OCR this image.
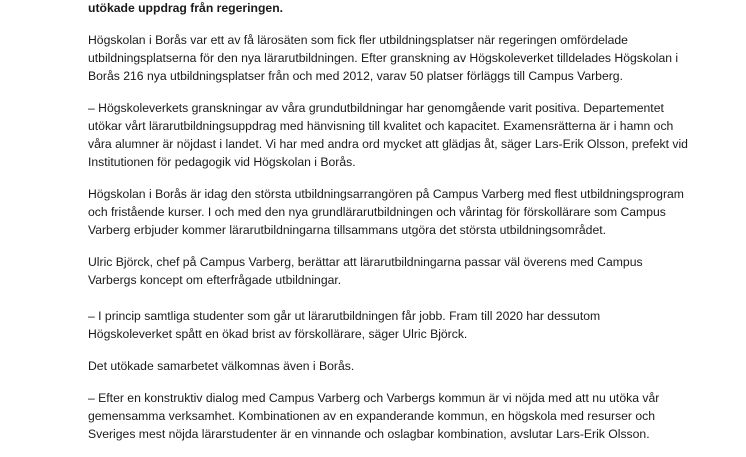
utökade uppdrag från regeringen.

Högskolan i Borås var ett av få lärosäten som fick fler utbildningsplatser när regeringen omfördelade
utbildningsplatserna för den nya lärarutbildningen. Efter granskning av Högskoleverket tilldelades Högskolan i
Borås 216 nya utbildningsplatser från och med 2012, varav 50 platser förläggs till Campus Varberg.

– Högskoleverkets granskningar av våra grundutbildningar har genomgående varit positiva. Departementet
utökar vårt lärarutbildningsuppdrag med hänvisning till kvalitet och kapacitet. Examensrätterna är i hamn och
våra alumner är nöjdast i landet. Vi har med andra ord mycket att glädjas åt, säger Lars-Erik Olsson, prefekt vid
Institutionen för pedagogik vid Högskolan i Borås.

Högskolan i Borås är idag den största utbildningsarrangören på Campus Varberg med flest utbildningsprogram
och fristående kurser. I och med den nya grundlärarutbildningen och vårintag för förskollärare som Campus
Varberg erbjuder kommer lärarutbildningarna tillsammans utgöra det största utbildningsområdet.

Ulric Björck, chef på Campus Varberg, berättar att lärarutbildningarna passar väl överens med Campus
Varbergs koncept om efterfrågade utbildningar.

– I princip samtliga studenter som går ut lärarutbildningen får jobb. Fram till 2020 har dessutom
Högskoleverket spått en ökad brist av förskollärare, säger Ulric Björck.

Det utökade samarbetet välkomnas även i Borås.

– Efter en konstruktiv dialog med Campus Varberg och Varbergs kommun är vi nöjda med att nu utöka vår
gemensamma verksamhet. Kombinationen av en expanderande kommun, en högskola med resurser och
Sveriges mest nöjda lärarstudenter är en vinnande och oslagbar kombination, avslutar Lars-Erik Olsson.
